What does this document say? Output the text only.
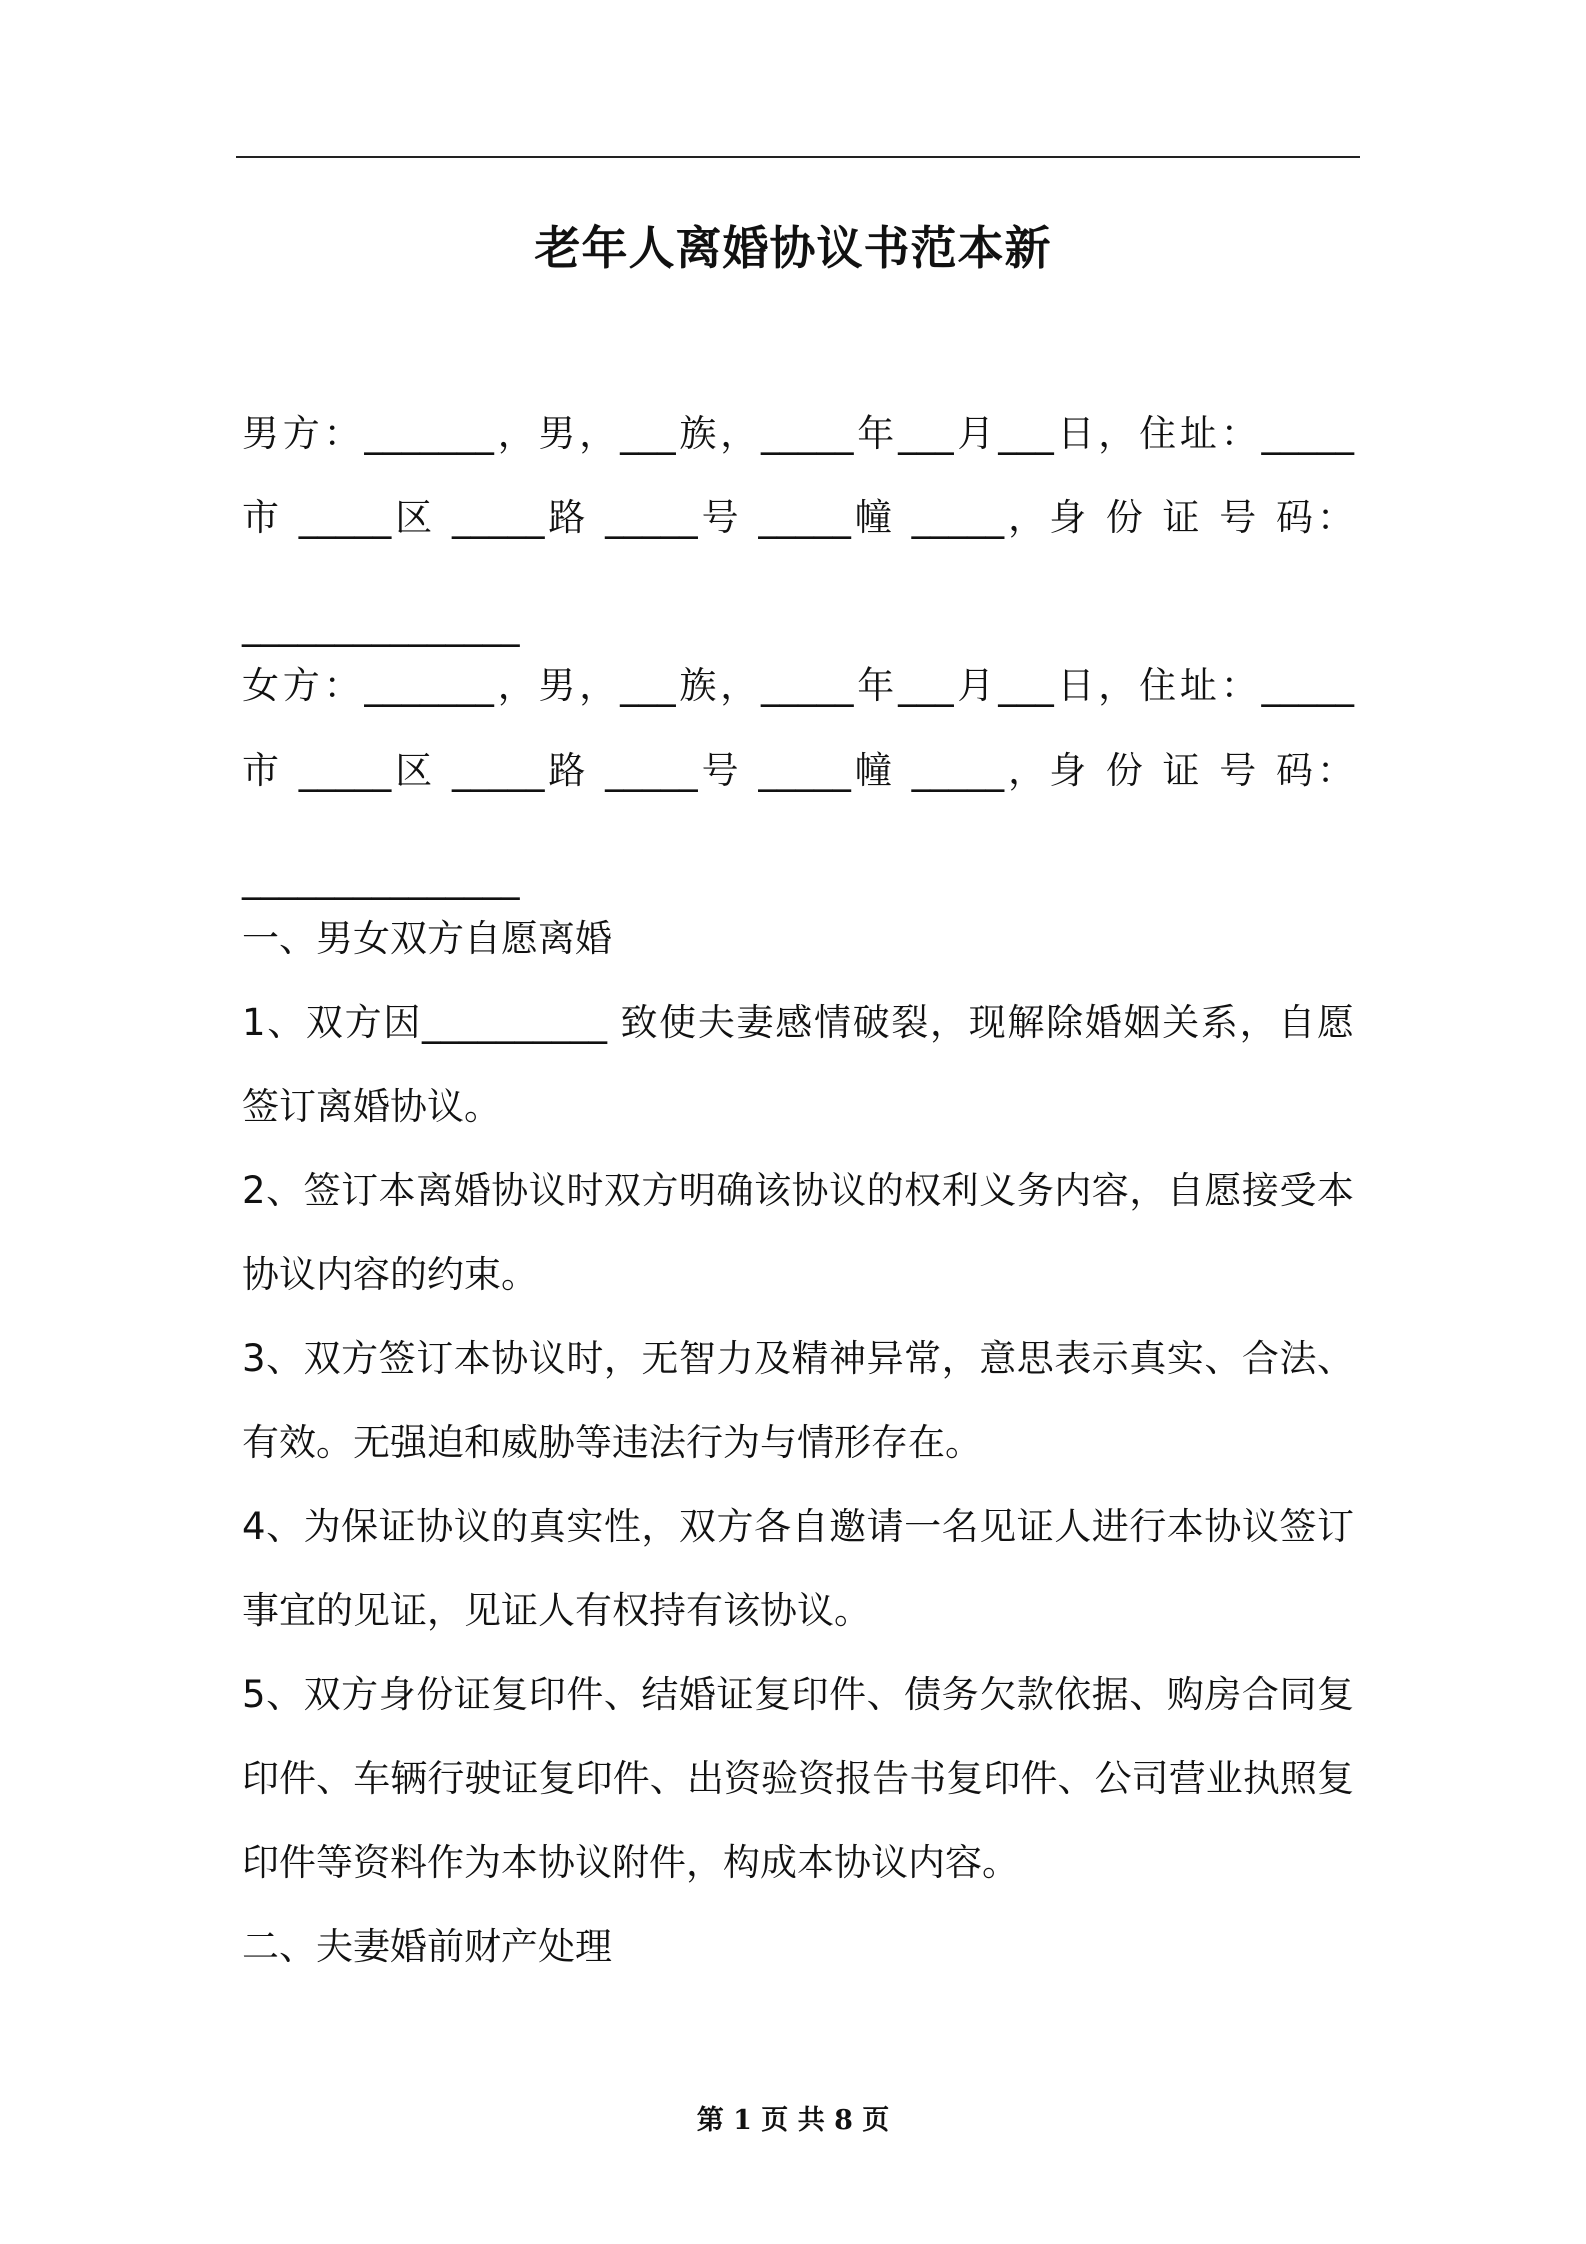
老年人离婚协议书范本新
男方：_______，男，___族，_____年___月___日，住址：_____
市 _____区 _____路 _____号 _____幢 _____，身 份 证 号 码：
_______________
女方：_______，男，___族，_____年___月___日，住址：_____
市 _____区 _____路 _____号 _____幢 _____，身 份 证 号 码：
_______________
一、男女双方自愿离婚
1、双方因__________ 致使夫妻感情破裂，现解除婚姻关系，自愿
签订离婚协议。
2、签订本离婚协议时双方明确该协议的权利义务内容，自愿接受本
协议内容的约束。
3、双方签订本协议时，无智力及精神异常，意思表示真实、合法、
有效。无强迫和威胁等违法行为与情形存在。
4、为保证协议的真实性，双方各自邀请一名见证人进行本协议签订
事宜的见证，见证人有权持有该协议。
5、双方身份证复印件、结婚证复印件、债务欠款依据、购房合同复
印件、车辆行驶证复印件、出资验资报告书复印件、公司营业执照复
印件等资料作为本协议附件，构成本协议内容。
二、夫妻婚前财产处理
第 1 页 共 8 页
